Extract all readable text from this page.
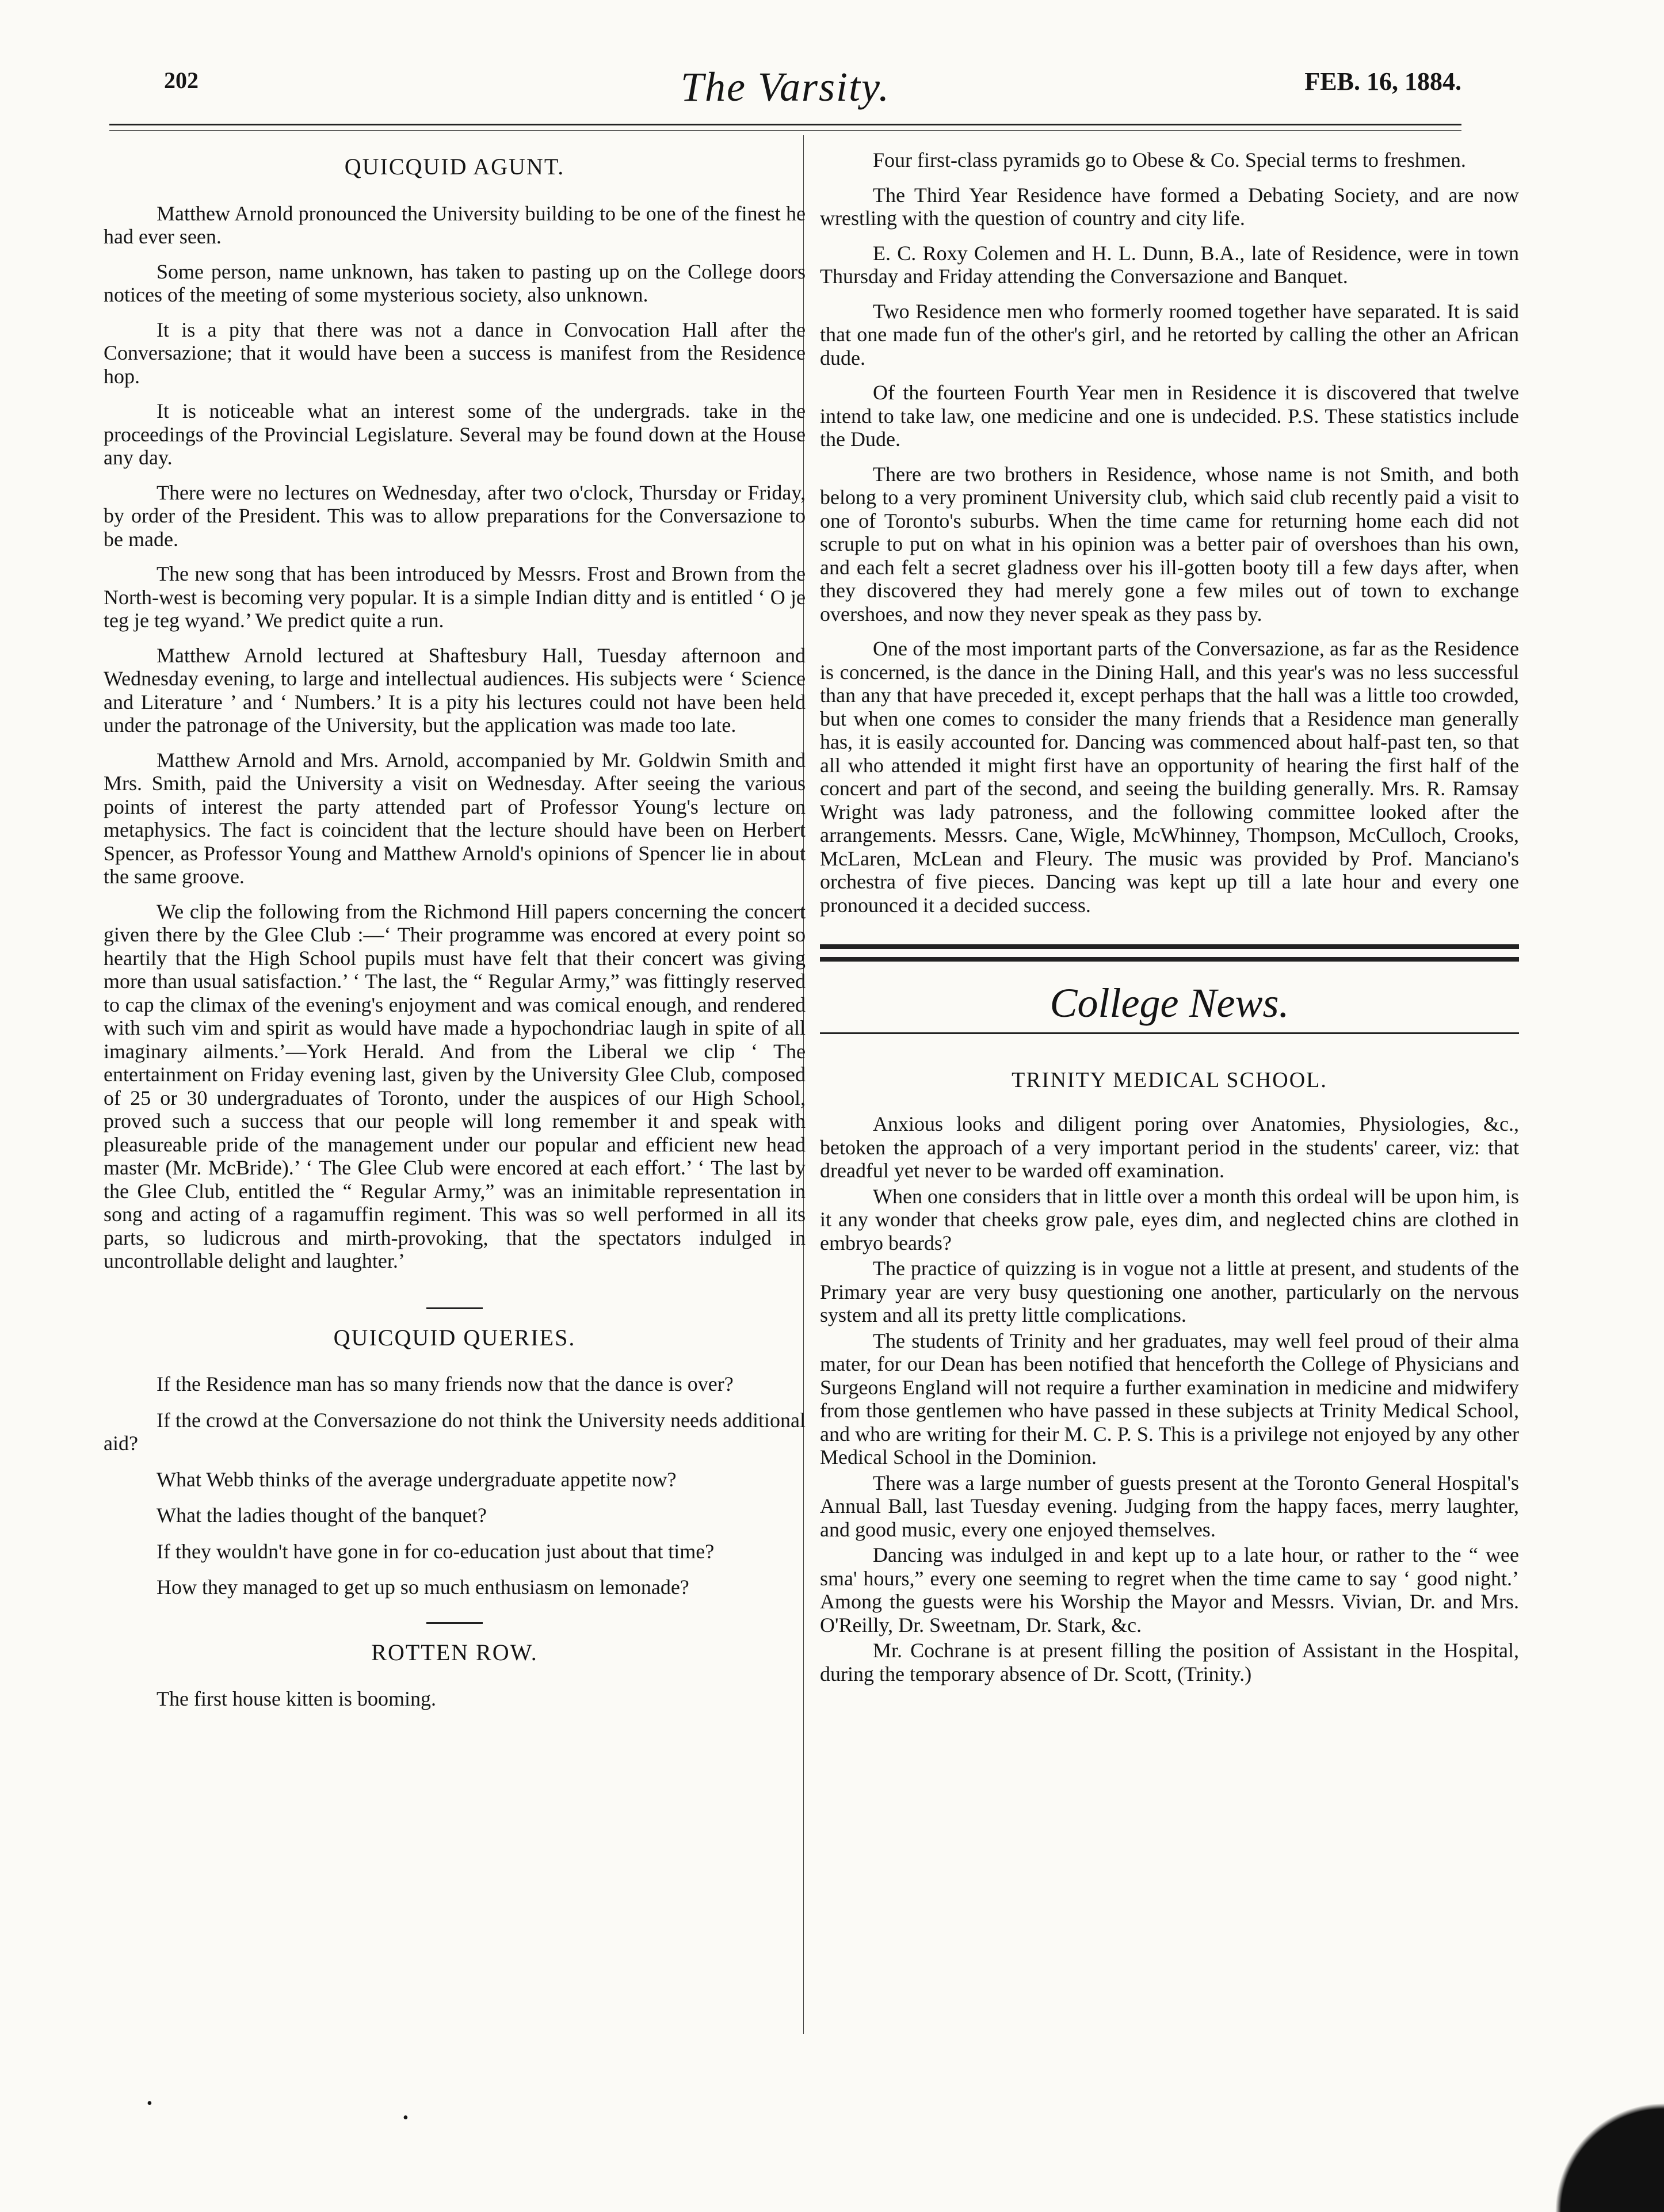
202	The Varsity.	FEB. 16, 1884.
QUICQUID AGUNT.

Matthew Arnold pronounced the University building to be one of the finest he had ever seen.

Some person, name unknown, has taken to pasting up on the College doors notices of the meeting of some mysterious society, also unknown.

It is a pity that there was not a dance in Convocation Hall after the Conversazione; that it would have been a success is manifest from the Residence hop.

It is noticeable what an interest some of the undergrads. take in the proceedings of the Provincial Legislature. Several may be found down at the House any day.

There were no lectures on Wednesday, after two o'clock, Thursday or Friday, by order of the President. This was to allow preparations for the Conversazione to be made.

The new song that has been introduced by Messrs. Frost and Brown from the North-west is becoming very popular. It is a simple Indian ditty and is entitled ‘ O je teg je teg wyand.’ We predict quite a run.

Matthew Arnold lectured at Shaftesbury Hall, Tuesday afternoon and Wednesday evening, to large and intellectual audiences. His subjects were ‘ Science and Literature ’ and ‘ Numbers.’ It is a pity his lectures could not have been held under the patronage of the University, but the application was made too late.

Matthew Arnold and Mrs. Arnold, accompanied by Mr. Goldwin Smith and Mrs. Smith, paid the University a visit on Wednesday. After seeing the various points of interest the party attended part of Professor Young's lecture on metaphysics. The fact is coincident that the lecture should have been on Herbert Spencer, as Professor Young and Matthew Arnold's opinions of Spencer lie in about the same groove.

We clip the following from the Richmond Hill papers concerning the concert given there by the Glee Club :—‘ Their programme was encored at every point so heartily that the High School pupils must have felt that their concert was giving more than usual satisfaction.’ ‘ The last, the “ Regular Army,” was fittingly reserved to cap the climax of the evening's enjoyment and was comical enough, and rendered with such vim and spirit as would have made a hypochondriac laugh in spite of all imaginary ailments.’—York Herald. And from the Liberal we clip ‘ The entertainment on Friday evening last, given by the University Glee Club, composed of 25 or 30 undergraduates of Toronto, under the auspices of our High School, proved such a success that our people will long remember it and speak with pleasureable pride of the management under our popular and efficient new head master (Mr. McBride).’ ‘ The Glee Club were encored at each effort.’ ‘ The last by the Glee Club, entitled the “ Regular Army,” was an inimitable representation in song and acting of a ragamuffin regiment. This was so well performed in all its parts, so ludicrous and mirth-provoking, that the spectators indulged in uncontrollable delight and laughter.’

QUICQUID QUERIES.

If the Residence man has so many friends now that the dance is over?

If the crowd at the Conversazione do not think the University needs additional aid?

What Webb thinks of the average undergraduate appetite now?

What the ladies thought of the banquet?

If they wouldn't have gone in for co-education just about that time?

How they managed to get up so much enthusiasm on lemonade?

ROTTEN ROW.

The first house kitten is booming.

Four first-class pyramids go to Obese & Co. Special terms to freshmen.

The Third Year Residence have formed a Debating Society, and are now wrestling with the question of country and city life.

E. C. Roxy Colemen and H. L. Dunn, B.A., late of Residence, were in town Thursday and Friday attending the Conversazione and Banquet.

Two Residence men who formerly roomed together have separated. It is said that one made fun of the other's girl, and he retorted by calling the other an African dude.

Of the fourteen Fourth Year men in Residence it is discovered that twelve intend to take law, one medicine and one is undecided. P.S. These statistics include the Dude.

There are two brothers in Residence, whose name is not Smith, and both belong to a very prominent University club, which said club recently paid a visit to one of Toronto's suburbs. When the time came for returning home each did not scruple to put on what in his opinion was a better pair of overshoes than his own, and each felt a secret gladness over his ill-gotten booty till a few days after, when they discovered they had merely gone a few miles out of town to exchange overshoes, and now they never speak as they pass by.

One of the most important parts of the Conversazione, as far as the Residence is concerned, is the dance in the Dining Hall, and this year's was no less successful than any that have preceded it, except perhaps that the hall was a little too crowded, but when one comes to consider the many friends that a Residence man generally has, it is easily accounted for. Dancing was commenced about half-past ten, so that all who attended it might first have an opportunity of hearing the first half of the concert and part of the second, and seeing the building generally. Mrs. R. Ramsay Wright was lady patroness, and the following committee looked after the arrangements. Messrs. Cane, Wigle, McWhinney, Thompson, McCulloch, Crooks, McLaren, McLean and Fleury. The music was provided by Prof. Manciano's orchestra of five pieces. Dancing was kept up till a late hour and every one pronounced it a decided success.

College News.
TRINITY MEDICAL SCHOOL.

Anxious looks and diligent poring over Anatomies, Physiologies, &c., betoken the approach of a very important period in the students' career, viz: that dreadful yet never to be warded off examination.

When one considers that in little over a month this ordeal will be upon him, is it any wonder that cheeks grow pale, eyes dim, and neglected chins are clothed in embryo beards?

The practice of quizzing is in vogue not a little at present, and students of the Primary year are very busy questioning one another, particularly on the nervous system and all its pretty little complications.

The students of Trinity and her graduates, may well feel proud of their alma mater, for our Dean has been notified that henceforth the College of Physicians and Surgeons England will not require a further examination in medicine and midwifery from those gentlemen who have passed in these subjects at Trinity Medical School, and who are writing for their M. C. P. S. This is a privilege not enjoyed by any other Medical School in the Dominion.

There was a large number of guests present at the Toronto General Hospital's Annual Ball, last Tuesday evening. Judging from the happy faces, merry laughter, and good music, every one enjoyed themselves.

Dancing was indulged in and kept up to a late hour, or rather to the “ wee sma' hours,” every one seeming to regret when the time came to say ‘ good night.’ Among the guests were his Worship the Mayor and Messrs. Vivian, Dr. and Mrs. O'Reilly, Dr. Sweetnam, Dr. Stark, &c.

Mr. Cochrane is at present filling the position of Assistant in the Hospital, during the temporary absence of Dr. Scott, (Trinity.)

•
•
